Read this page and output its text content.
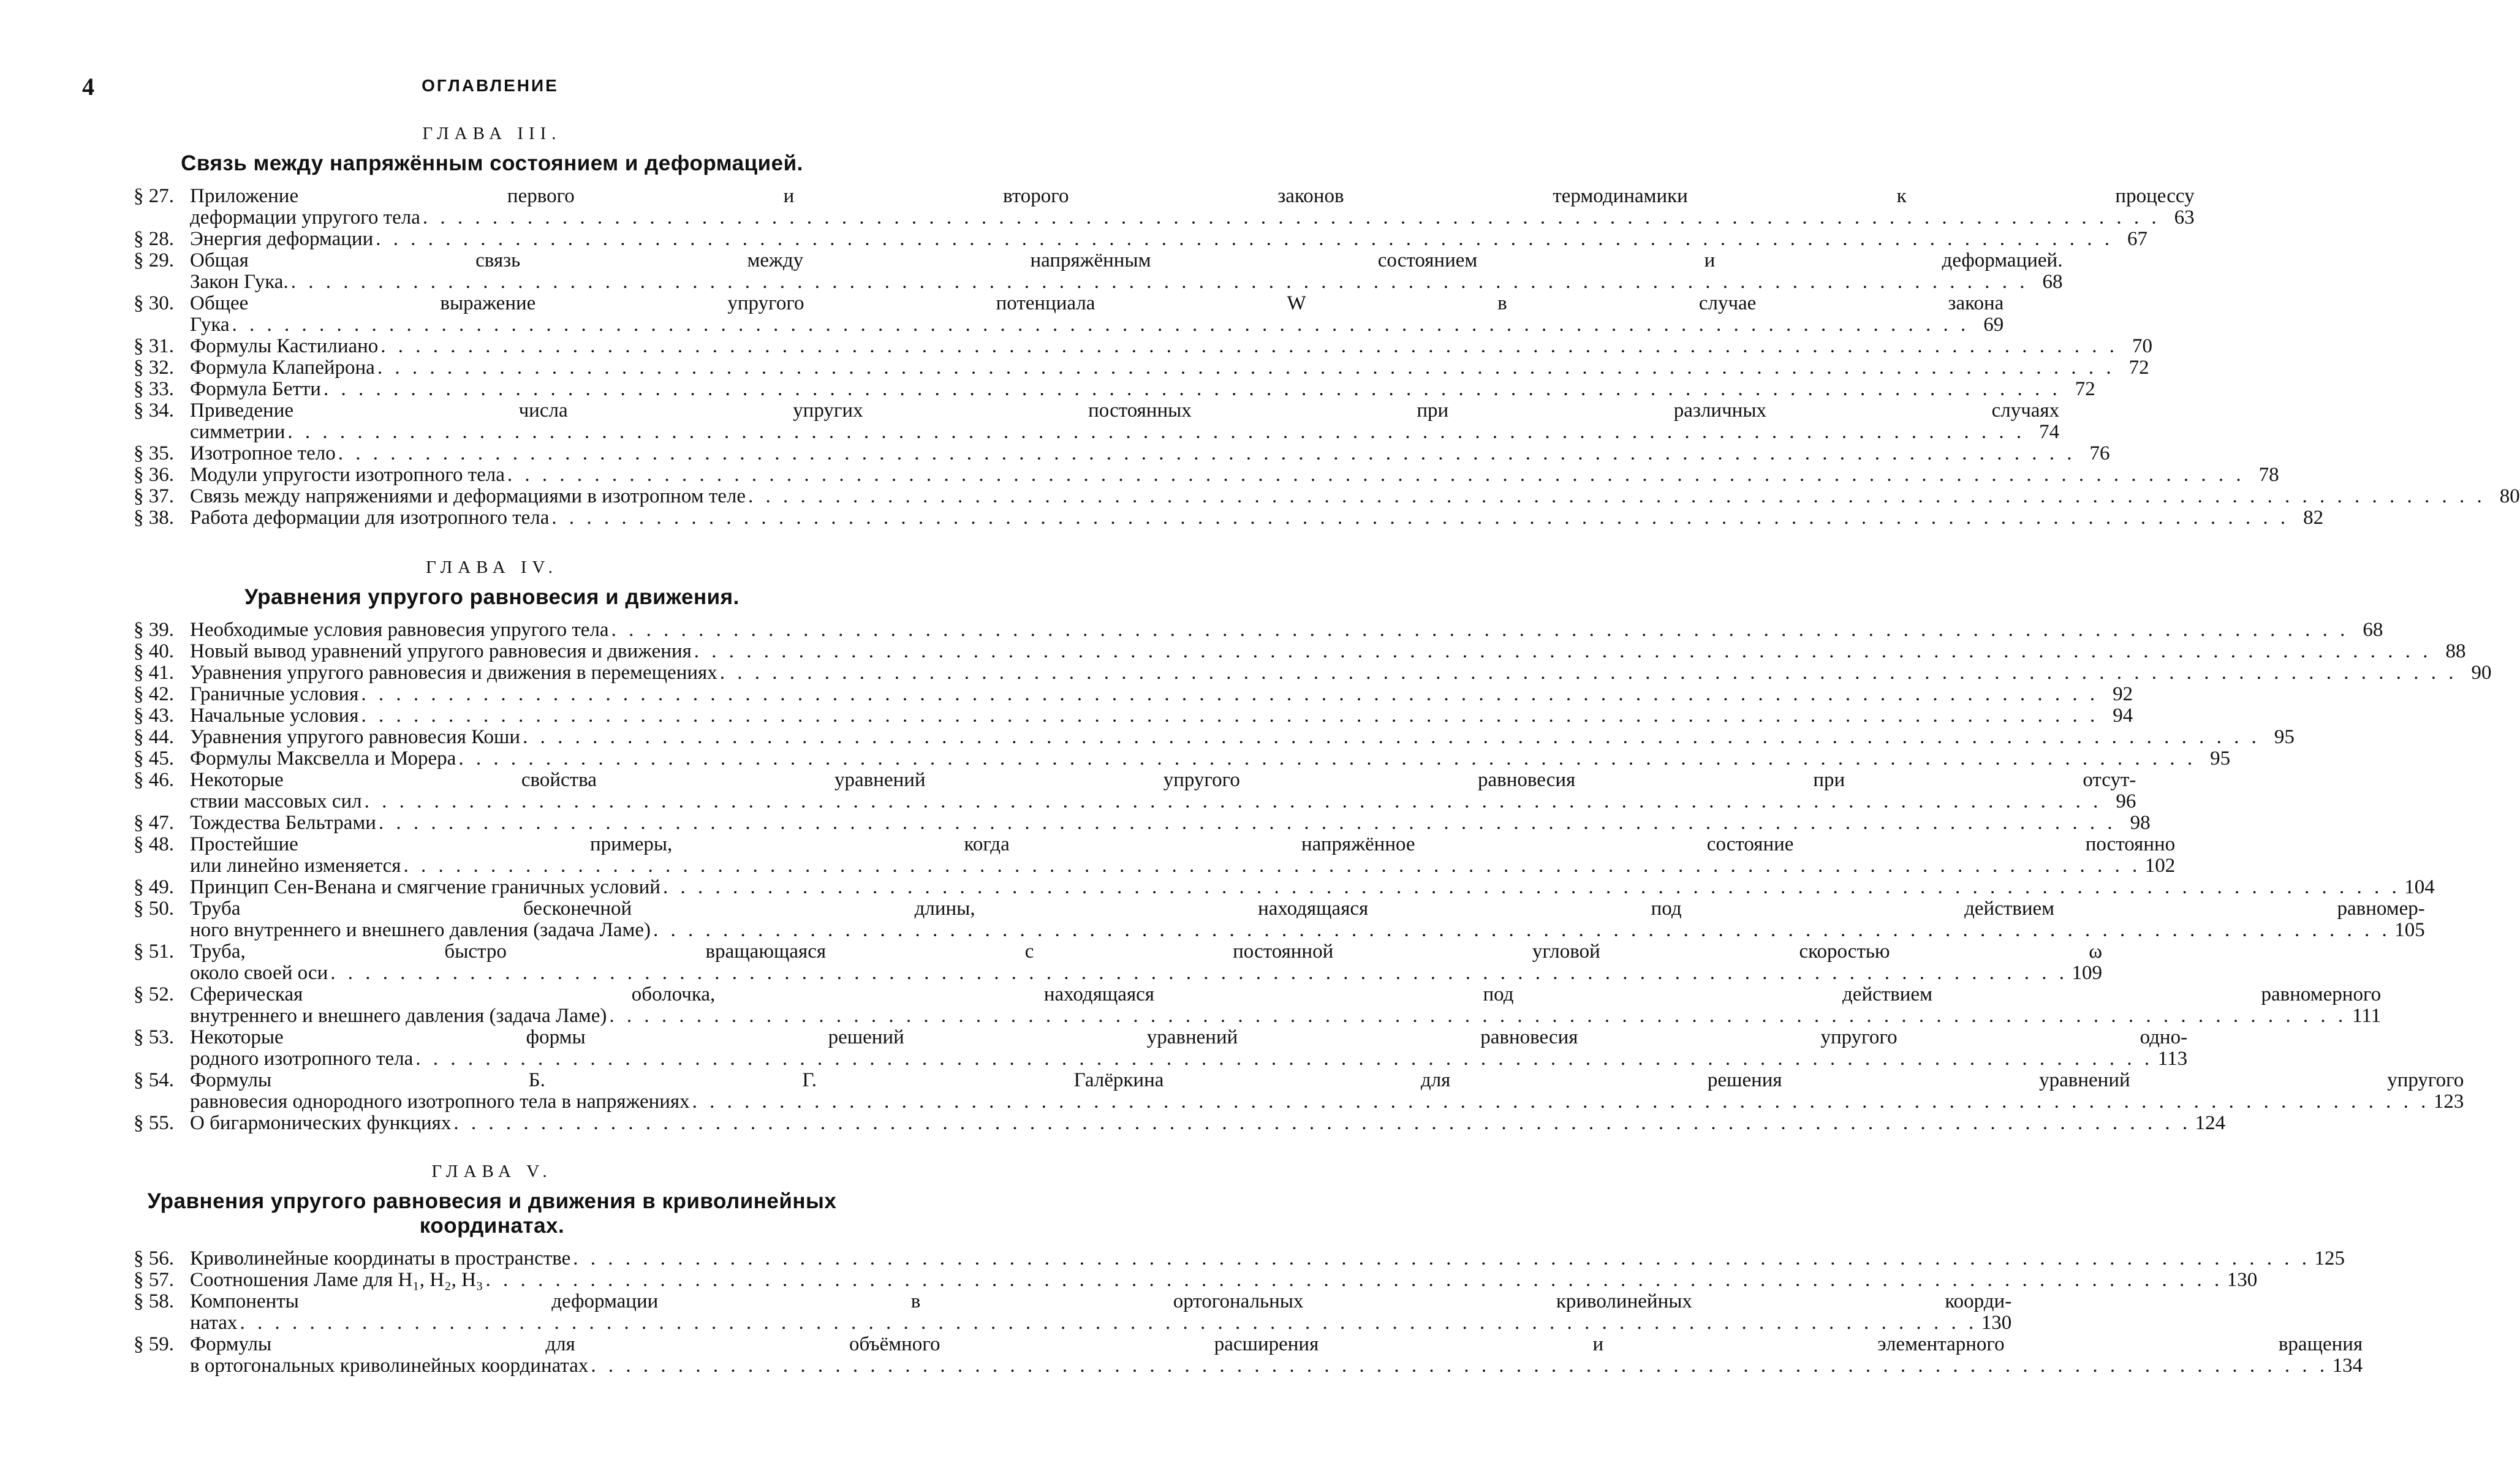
4	ОГЛАВЛЕНИЕ
ГЛАВА III.
Связь между напряжённым состоянием и деформацией.
§ 27. Приложение первого и второго законов термодинамики к процессу
деформации упругого тела . . .	63
§ 28. Энергия деформации . . .	67
§ 29. Общая связь между напряжённым состоянием и деформацией.
Закон Гука. . . .	68
§ 30. Общее выражение упругого потенциала W в случае закона
Гука . . .	69
§ 31. Формулы Кастилиано . . .	70
§ 32. Формула Клапейрона . . .	72
§ 33. Формула Бетти . . .	72
§ 34. Приведение числа упругих постоянных при различных случаях
симметрии . . .	74
§ 35. Изотропное тело . . .	76
§ 36. Модули упругости изотропного тела . . .	78
§ 37. Связь между напряжениями и деформациями в изотропном теле . . .	80
§ 38. Работа деформации для изотропного тела . . .	82
ГЛАВА IV.
Уравнения упругого равновесия и движения.
§ 39. Необходимые условия равновесия упругого тела . . .	68
§ 40. Новый вывод уравнений упругого равновесия и движения . . .	88
§ 41. Уравнения упругого равновесия и движения в перемещениях . . .	90
§ 42. Граничные условия . . .	92
§ 43. Начальные условия . . .	94
§ 44. Уравнения упругого равновесия Коши . . .	95
§ 45. Формулы Максвелла и Морера . . .	95
§ 46. Некоторые свойства уравнений упругого равновесия при отсут-
ствии массовых сил . . .	96
§ 47. Тождества Бельтрами . . .	98
§ 48. Простейшие примеры, когда напряжённое состояние постоянно
или линейно изменяется . . .	102
§ 49. Принцип Сен-Венана и смягчение граничных условий . . .	104
§ 50. Труба бесконечной длины, находящаяся под действием равномер-
ного внутреннего и внешнего давления (задача Ламе) . . .	105
§ 51. Труба, быстро вращающаяся с постоянной угловой скоростью ω
около своей оси . . .	109
§ 52. Сферическая оболочка, находящаяся под действием равномерного
внутреннего и внешнего давления (задача Ламе) . . .	111
§ 53. Некоторые формы решений уравнений равновесия упругого одно-
родного изотропного тела . . .	113
§ 54. Формулы Б. Г. Галёркина для решения уравнений упругого
равновесия однородного изотропного тела в напряжениях . . .	123
§ 55. О бигармонических функциях . . .	124
ГЛАВА V.
Уравнения упругого равновесия и движения в криволинейных
координатах.
§ 56. Криволинейные координаты в пространстве . . .	125
§ 57. Соотношения Ламе для H₁, H₂, H₃ . . .	130
§ 58. Компоненты деформации в ортогональных криволинейных коорди-
натах . . .	130
§ 59. Формулы для объёмного расширения и элементарного вращения
в ортогональных криволинейных координатах . . .	134
